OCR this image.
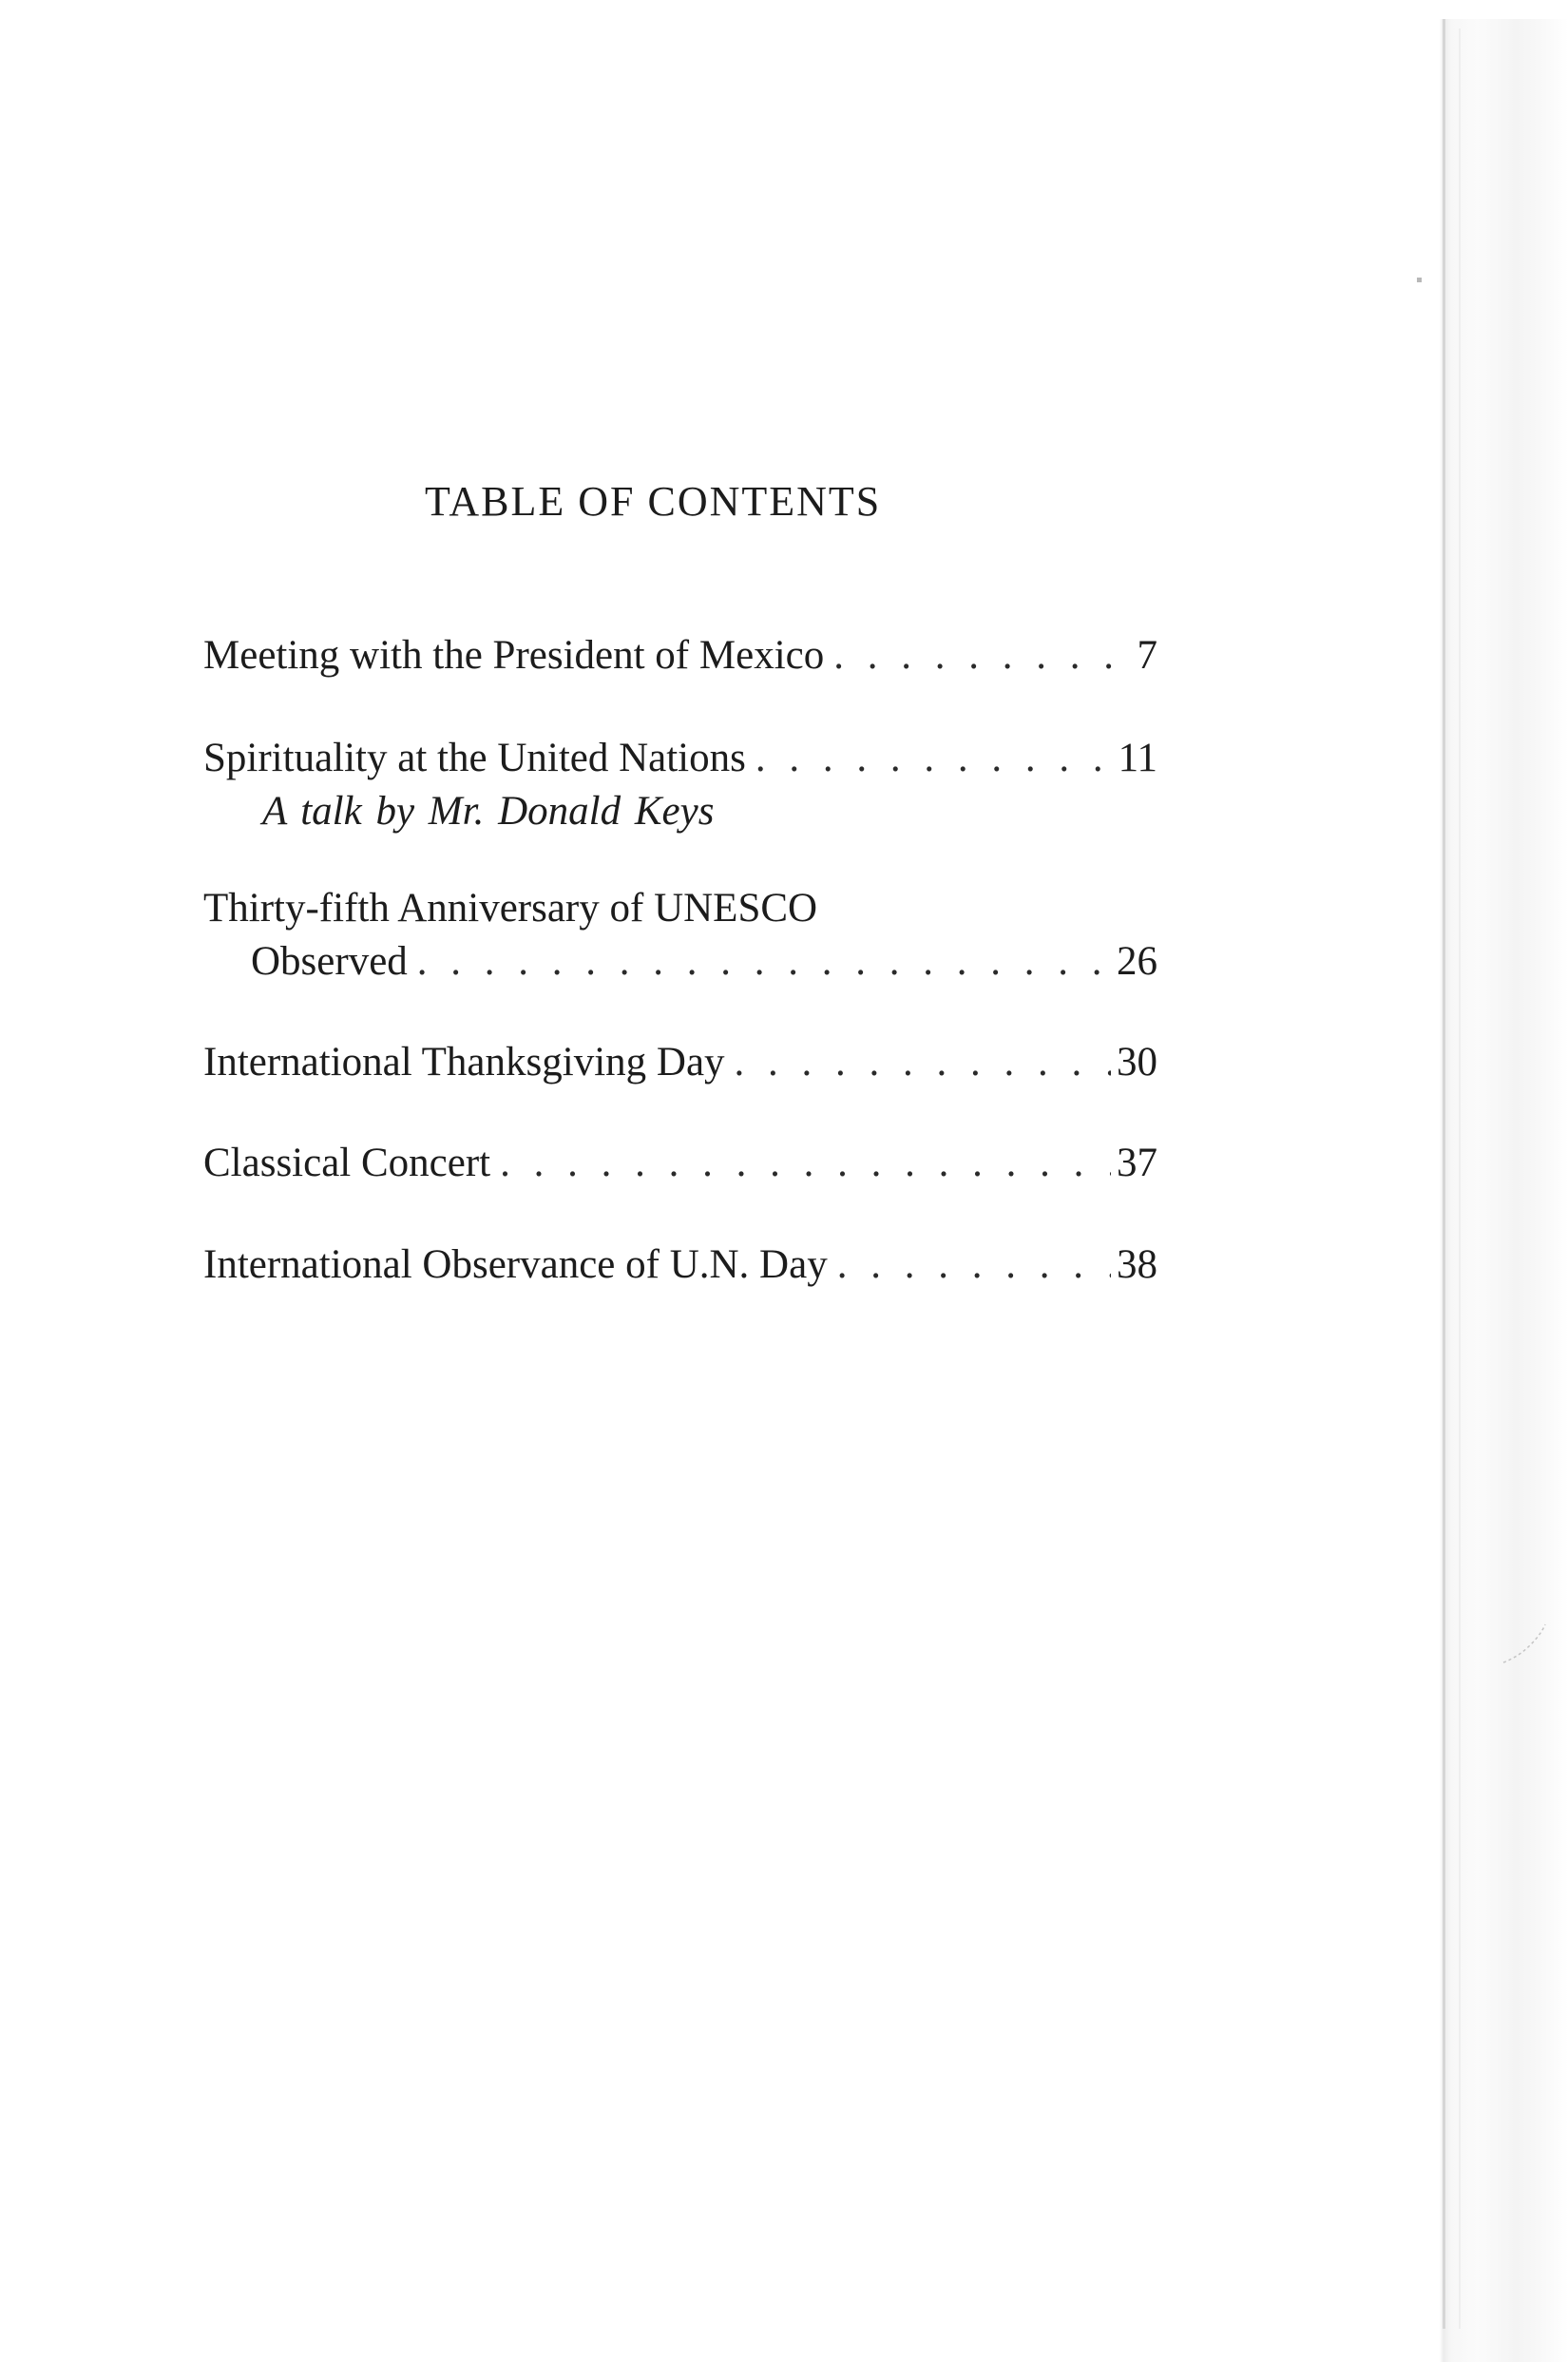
TABLE OF CONTENTS
Meeting with the President of Mexico . . .	7
Spirituality at the United Nations . . .	11
A talk by Mr. Donald Keys
Thirty-fifth Anniversary of UNESCO
Observed . . .	26
International Thanksgiving Day . . .	30
Classical Concert . . .	37
International Observance of U.N. Day . . .	38
